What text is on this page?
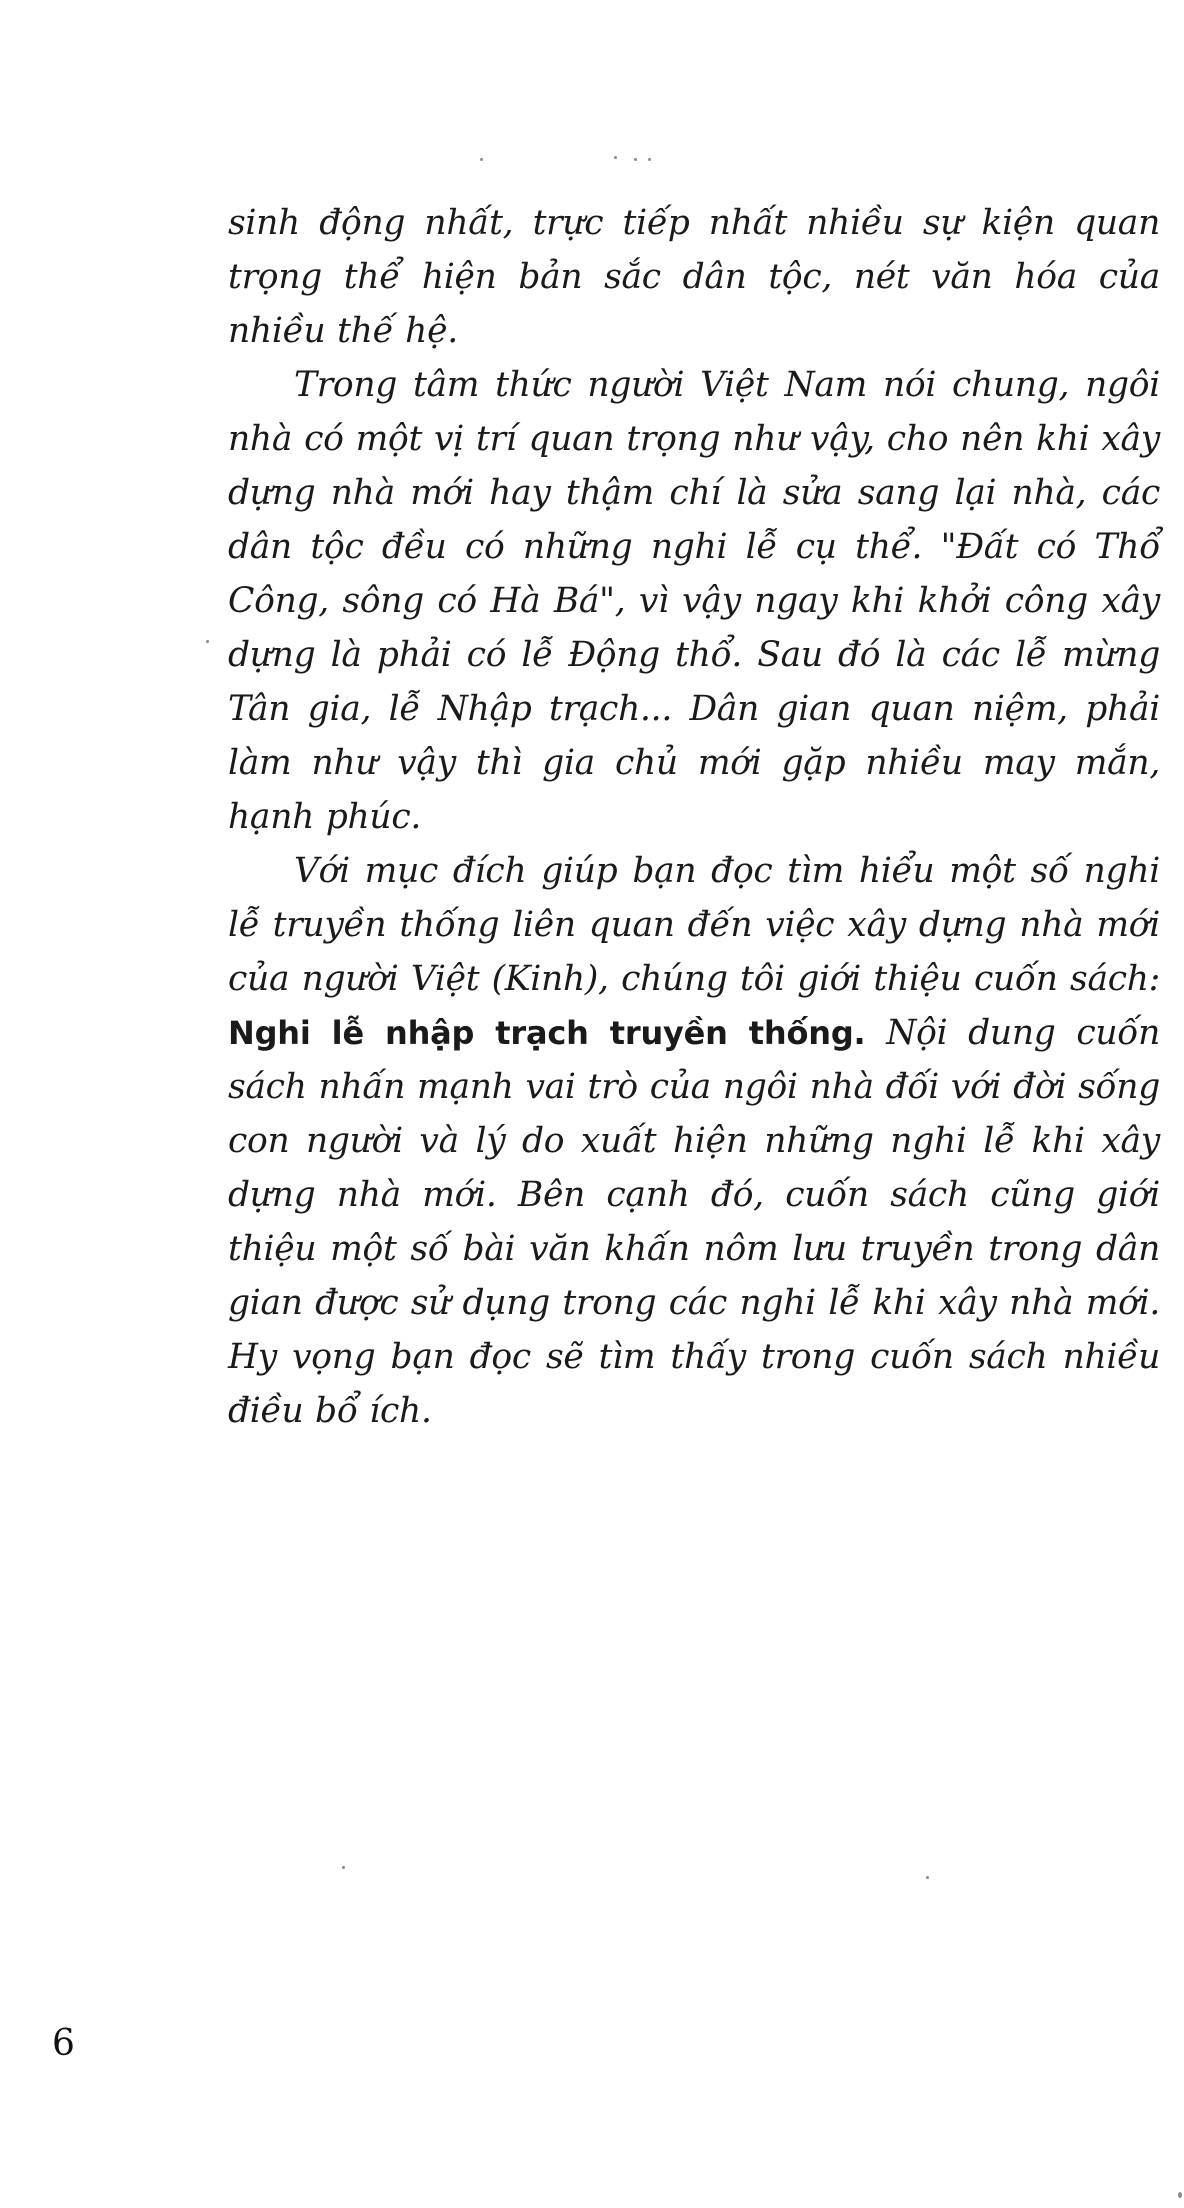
sinh động nhất, trực tiếp nhất nhiều sự kiện quan trọng thể hiện bản sắc dân tộc, nét văn hóa của nhiều thế hệ.

Trong tâm thức người Việt Nam nói chung, ngôi nhà có một vị trí quan trọng như vậy, cho nên khi xây dựng nhà mới hay thậm chí là sửa sang lại nhà, các dân tộc đều có những nghi lễ cụ thể. "Đất có Thổ Công, sông có Hà Bá", vì vậy ngay khi khởi công xây dựng là phải có lễ Động thổ. Sau đó là các lễ mừng Tân gia, lễ Nhập trạch... Dân gian quan niệm, phải làm như vậy thì gia chủ mới gặp nhiều may mắn, hạnh phúc.

Với mục đích giúp bạn đọc tìm hiểu một số nghi lễ truyền thống liên quan đến việc xây dựng nhà mới của người Việt (Kinh), chúng tôi giới thiệu cuốn sách: Nghi lễ nhập trạch truyền thống. Nội dung cuốn sách nhấn mạnh vai trò của ngôi nhà đối với đời sống con người và lý do xuất hiện những nghi lễ khi xây dựng nhà mới. Bên cạnh đó, cuốn sách cũng giới thiệu một số bài văn khấn nôm lưu truyền trong dân gian được sử dụng trong các nghi lễ khi xây nhà mới. Hy vọng bạn đọc sẽ tìm thấy trong cuốn sách nhiều điều bổ ích.

6
